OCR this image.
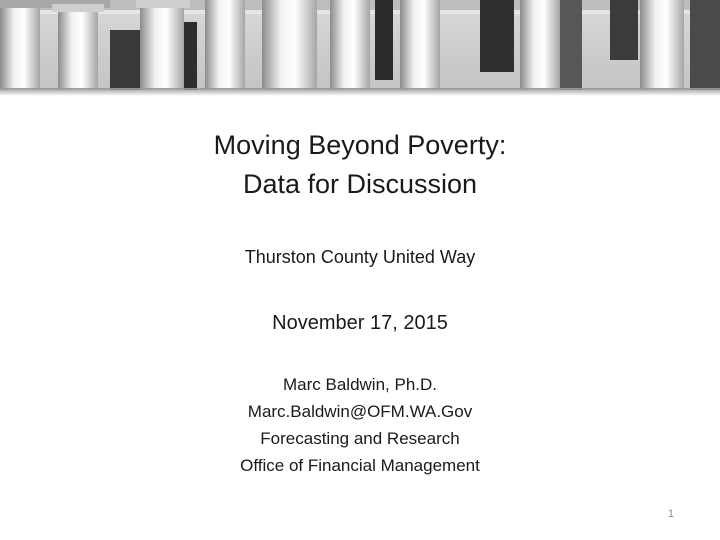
Moving Beyond Poverty:
Data for Discussion
Thurston County United Way
November 17, 2015
Marc Baldwin, Ph.D.
Marc.Baldwin@OFM.WA.Gov
Forecasting and Research
Office of Financial Management
1
